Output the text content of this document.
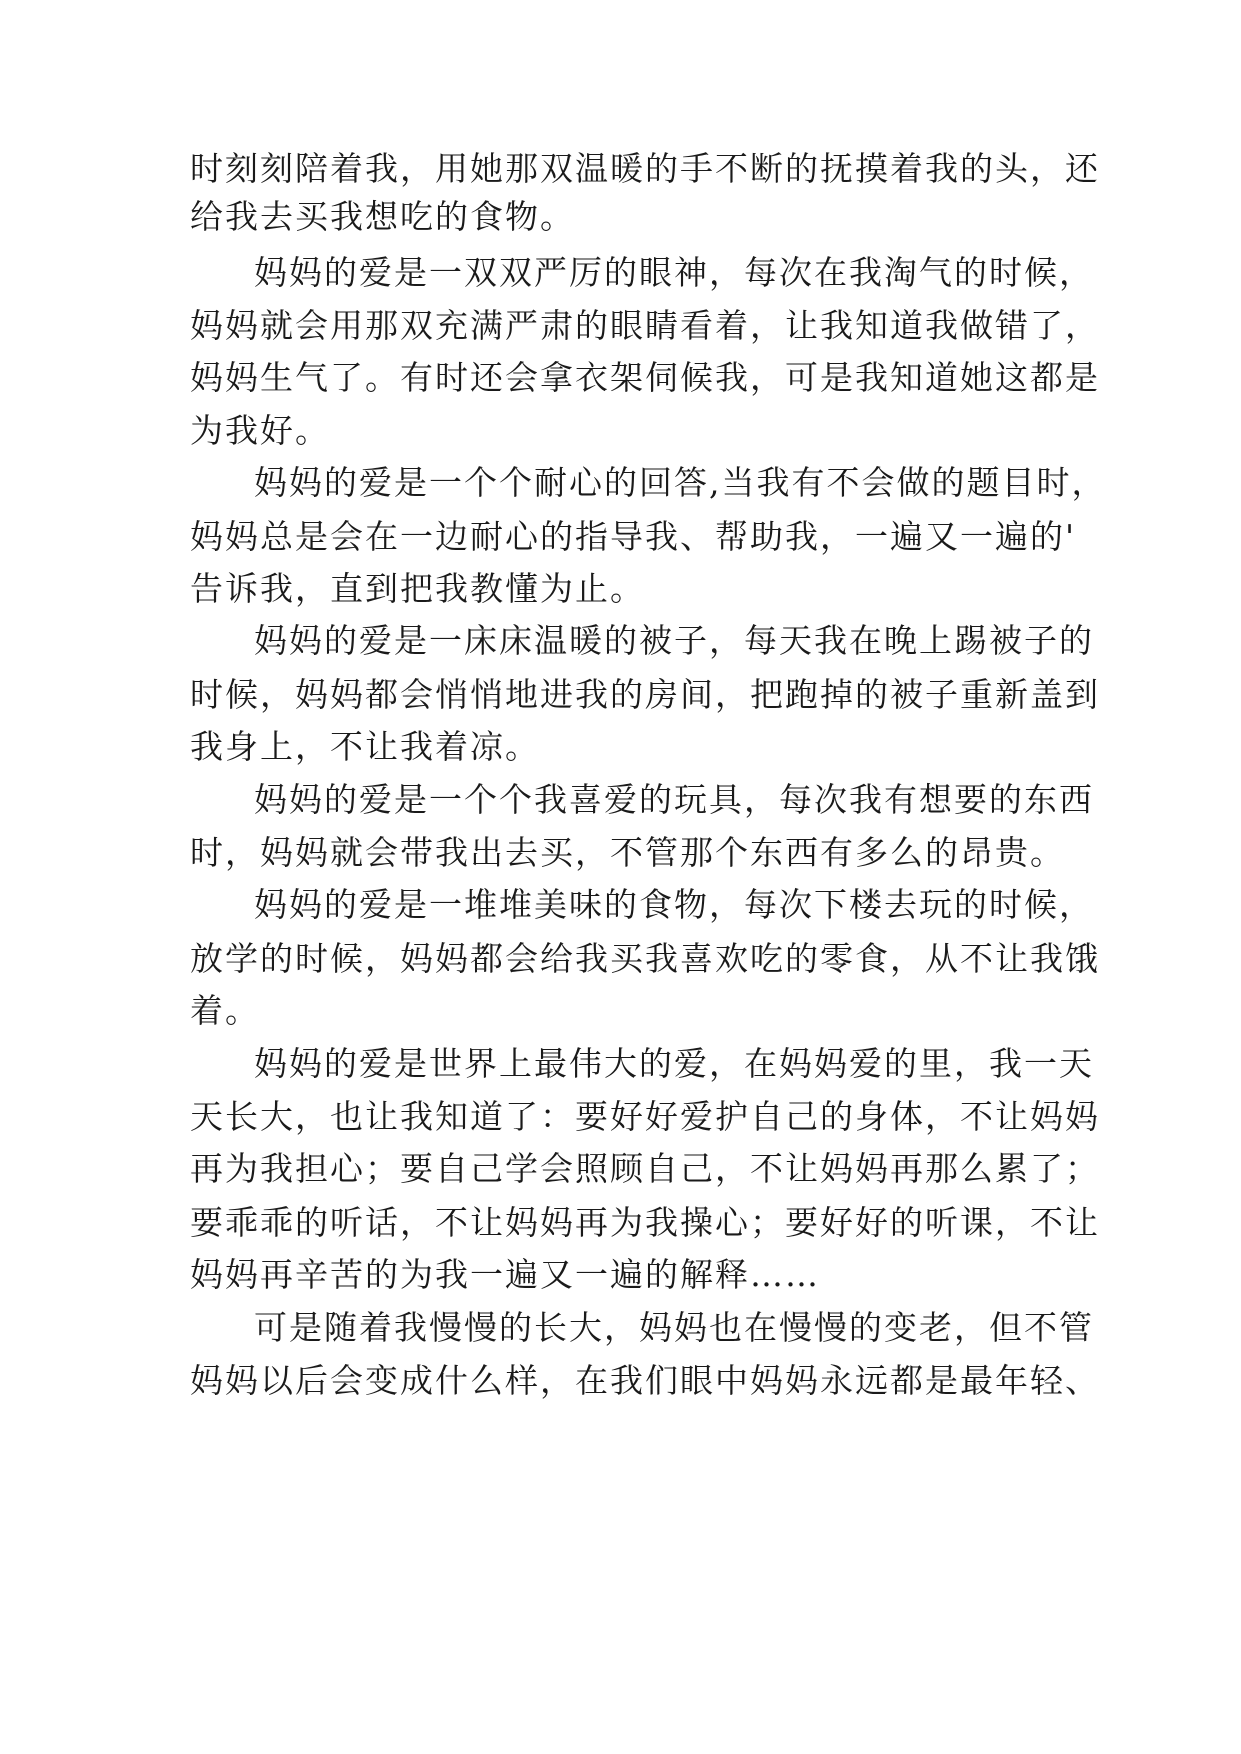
时刻刻陪着我，用她那双温暖的手不断的抚摸着我的头，还
给我去买我想吃的食物。
妈妈的爱是一双双严厉的眼神，每次在我淘气的时候，
妈妈就会用那双充满严肃的眼睛看着，让我知道我做错了，
妈妈生气了。有时还会拿衣架伺候我，可是我知道她这都是
为我好。
妈妈的爱是一个个耐心的回答,当我有不会做的题目时，
妈妈总是会在一边耐心的指导我、帮助我，一遍又一遍的'
告诉我，直到把我教懂为止。
妈妈的爱是一床床温暖的被子，每天我在晚上踢被子的
时候，妈妈都会悄悄地进我的房间，把跑掉的被子重新盖到
我身上，不让我着凉。
妈妈的爱是一个个我喜爱的玩具，每次我有想要的东西
时，妈妈就会带我出去买，不管那个东西有多么的昂贵。
妈妈的爱是一堆堆美味的食物，每次下楼去玩的时候，
放学的时候，妈妈都会给我买我喜欢吃的零食，从不让我饿
着。
妈妈的爱是世界上最伟大的爱，在妈妈爱的里，我一天
天长大，也让我知道了：要好好爱护自己的身体，不让妈妈
再为我担心；要自己学会照顾自己，不让妈妈再那么累了；
要乖乖的听话，不让妈妈再为我操心；要好好的听课，不让
妈妈再辛苦的为我一遍又一遍的解释……
可是随着我慢慢的长大，妈妈也在慢慢的变老，但不管
妈妈以后会变成什么样，在我们眼中妈妈永远都是最年轻、
